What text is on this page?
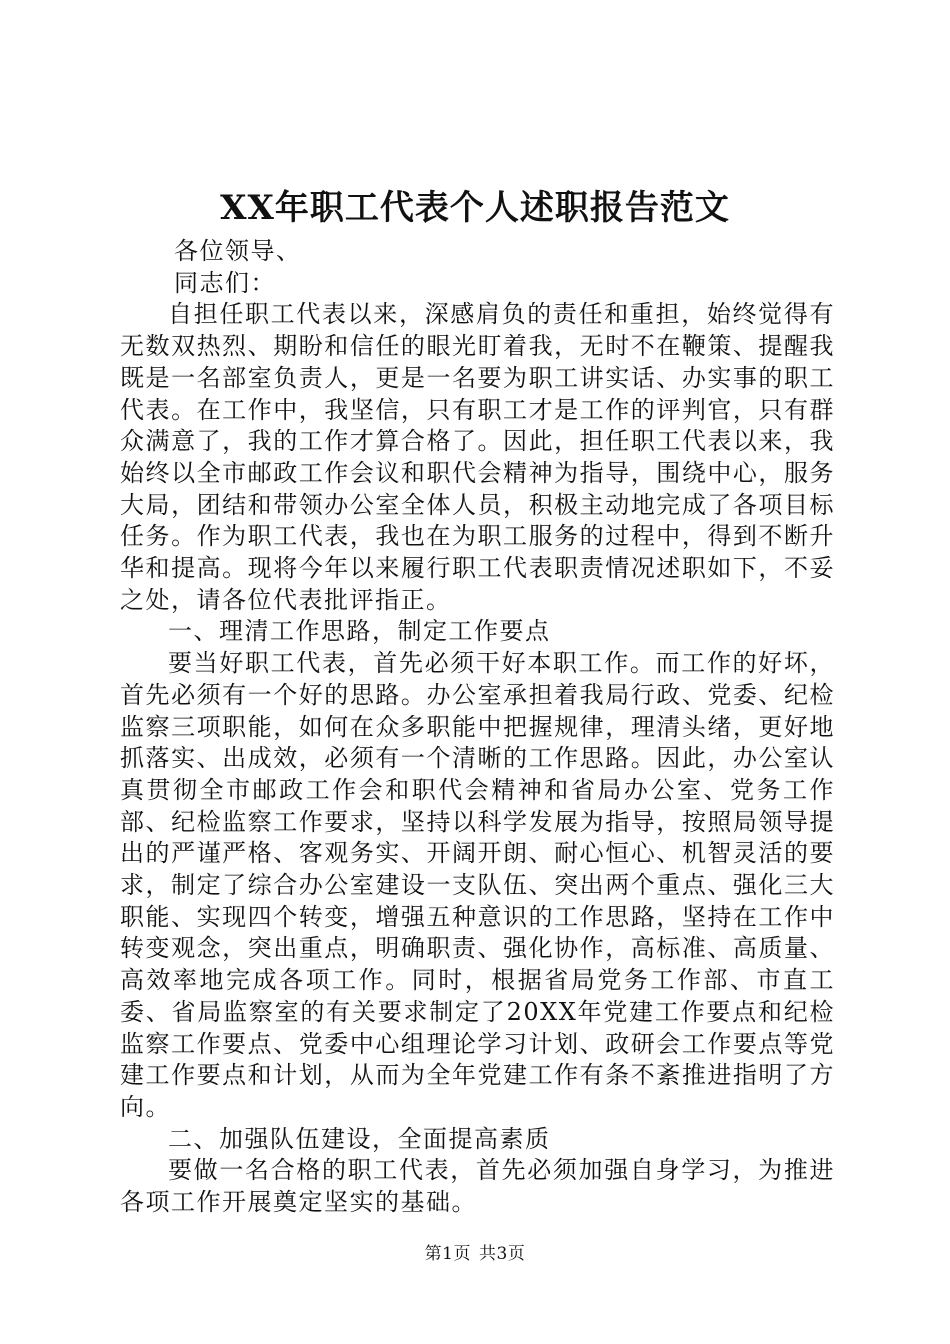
XX年职工代表个人述职报告范文

各位领导、

同志们：

自担任职工代表以来，深感肩负的责任和重担，始终觉得有无数双热烈、期盼和信任的眼光盯着我，无时不在鞭策、提醒我既是一名部室负责人，更是一名要为职工讲实话、办实事的职工代表。在工作中，我坚信，只有职工才是工作的评判官，只有群众满意了，我的工作才算合格了。因此，担任职工代表以来，我始终以全市邮政工作会议和职代会精神为指导，围绕中心，服务大局，团结和带领办公室全体人员，积极主动地完成了各项目标任务。作为职工代表，我也在为职工服务的过程中，得到不断升华和提高。现将今年以来履行职工代表职责情况述职如下，不妥之处，请各位代表批评指正。

一、理清工作思路，制定工作要点

要当好职工代表，首先必须干好本职工作。而工作的好坏，首先必须有一个好的思路。办公室承担着我局行政、党委、纪检监察三项职能，如何在众多职能中把握规律，理清头绪，更好地抓落实、出成效，必须有一个清晰的工作思路。因此，办公室认真贯彻全市邮政工作会和职代会精神和省局办公室、党务工作部、纪检监察工作要求，坚持以科学发展为指导，按照局领导提出的严谨严格、客观务实、开阔开朗、耐心恒心、机智灵活的要求，制定了综合办公室建设一支队伍、突出两个重点、强化三大职能、实现四个转变，增强五种意识的工作思路，坚持在工作中转变观念，突出重点，明确职责、强化协作，高标准、高质量、高效率地完成各项工作。同时，根据省局党务工作部、市直工委、省局监察室的有关要求制定了20XX年党建工作要点和纪检监察工作要点、党委中心组理论学习计划、政研会工作要点等党建工作要点和计划，从而为全年党建工作有条不紊推进指明了方向。

二、加强队伍建设，全面提高素质

要做一名合格的职工代表，首先必须加强自身学习，为推进各项工作开展奠定坚实的基础。

第1页 共3页
